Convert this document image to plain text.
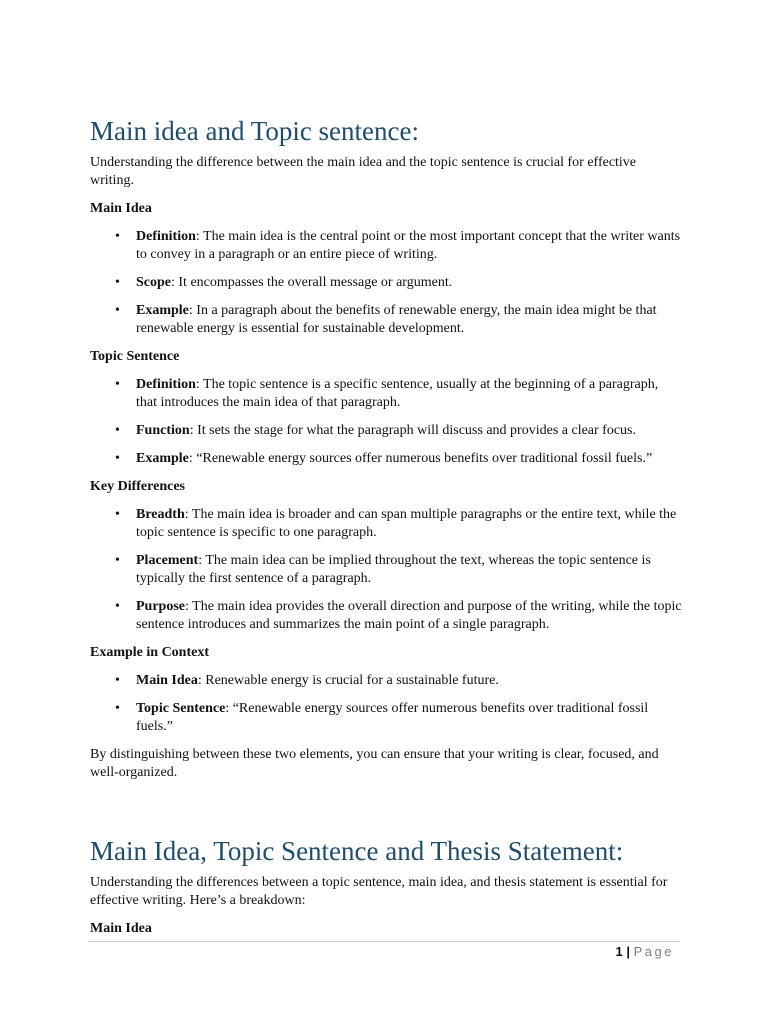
Main idea and Topic sentence:

Understanding the difference between the main idea and the topic sentence is crucial for effective writing.

Main Idea

• Definition: The main idea is the central point or the most important concept that the writer wants to convey in a paragraph or an entire piece of writing.
• Scope: It encompasses the overall message or argument.
• Example: In a paragraph about the benefits of renewable energy, the main idea might be that renewable energy is essential for sustainable development.

Topic Sentence

• Definition: The topic sentence is a specific sentence, usually at the beginning of a paragraph, that introduces the main idea of that paragraph.
• Function: It sets the stage for what the paragraph will discuss and provides a clear focus.
• Example: “Renewable energy sources offer numerous benefits over traditional fossil fuels.”

Key Differences

• Breadth: The main idea is broader and can span multiple paragraphs or the entire text, while the topic sentence is specific to one paragraph.
• Placement: The main idea can be implied throughout the text, whereas the topic sentence is typically the first sentence of a paragraph.
• Purpose: The main idea provides the overall direction and purpose of the writing, while the topic sentence introduces and summarizes the main point of a single paragraph.

Example in Context

• Main Idea: Renewable energy is crucial for a sustainable future.
• Topic Sentence: “Renewable energy sources offer numerous benefits over traditional fossil fuels.”

By distinguishing between these two elements, you can ensure that your writing is clear, focused, and well-organized.

Main Idea, Topic Sentence and Thesis Statement:

Understanding the differences between a topic sentence, main idea, and thesis statement is essential for effective writing. Here’s a breakdown:

Main Idea

1 | Page
